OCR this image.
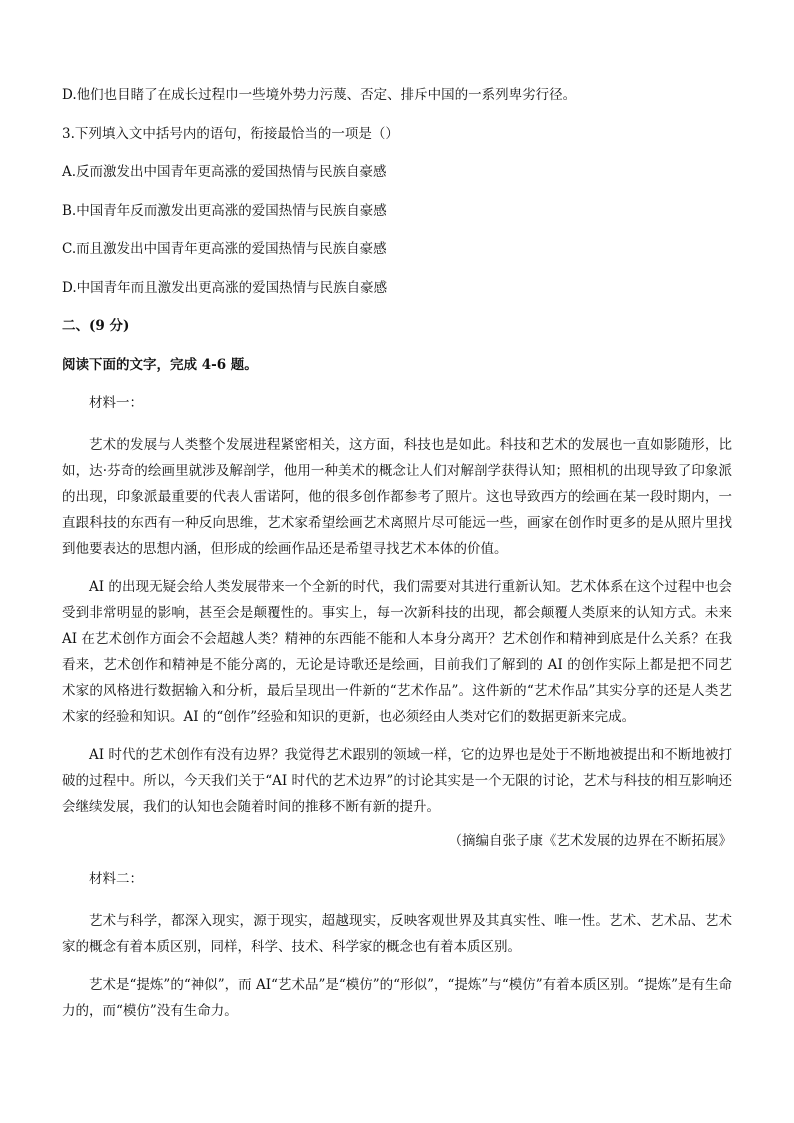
D.他们也目睹了在成长过程巾一些境外势力污蔑、否定、排斥中国的一系列卑劣行径。

3.下列填入文中括号内的语句，衔接最恰当的一项是（）

A.反而激发出中国青年更高涨的爱国热情与民族自豪感

B.中国青年反而激发出更高涨的爱国热情与民族自豪感

C.而且激发出中国青年更高涨的爱国热情与民族自豪感

D.中国青年而且激发出更高涨的爱国热情与民族自豪感

二、(9 分)

阅读下面的文字，完成 4-6 题。

材料一：

艺术的发展与人类整个发展进程紧密相关，这方面，科技也是如此。科技和艺术的发展也一直如影随形，比如，达·芬奇的绘画里就涉及解剖学，他用一种美术的概念让人们对解剖学获得认知；照相机的出现导致了印象派的出现，印象派最重要的代表人雷诺阿，他的很多创作都参考了照片。这也导致西方的绘画在某一段时期内，一直跟科技的东西有一种反向思维，艺术家希望绘画艺术离照片尽可能远一些，画家在创作时更多的是从照片里找到他要表达的思想内涵，但形成的绘画作品还是希望寻找艺术本体的价值。

AI 的出现无疑会给人类发展带来一个全新的时代，我们需要对其进行重新认知。艺术体系在这个过程中也会受到非常明显的影响，甚至会是颠覆性的。事实上，每一次新科技的出现，都会颠覆人类原来的认知方式。未来 AI 在艺术创作方面会不会超越人类？精神的东西能不能和人本身分离开？艺术创作和精神到底是什么关系？在我看来，艺术创作和精神是不能分离的，无论是诗歌还是绘画，目前我们了解到的 AI 的创作实际上都是把不同艺术家的风格进行数据输入和分析，最后呈现出一件新的“艺术作品”。这件新的“艺术作品”其实分享的还是人类艺术家的经验和知识。AI 的“创作”经验和知识的更新，也必须经由人类对它们的数据更新来完成。

AI 时代的艺术创作有没有边界？我觉得艺术跟别的领域一样，它的边界也是处于不断地被提出和不断地被打破的过程中。所以，今天我们关于“AI 时代的艺术边界”的讨论其实是一个无限的讨论，艺术与科技的相互影响还会继续发展，我们的认知也会随着时间的推移不断有新的提升。

（摘编自张子康《艺术发展的边界在不断拓展》

材料二：

艺术与科学，都深入现实，源于现实，超越现实，反映客观世界及其真实性、唯一性。艺术、艺术品、艺术家的概念有着本质区别，同样，科学、技术、科学家的概念也有着本质区别。

艺术是“提炼”的“神似”，而 AI“艺术品”是“模仿”的“形似”，“提炼”与“模仿”有着本质区别。“提炼”是有生命力的，而“模仿”没有生命力。
